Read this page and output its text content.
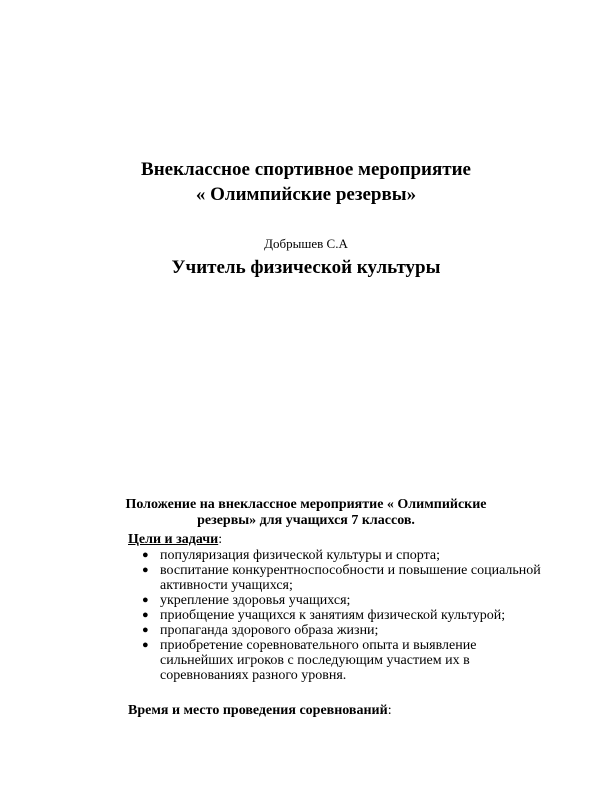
Внеклассное спортивное мероприятие
« Олимпийские резервы»
Добрышев С.А
Учитель физической культуры
Положение на внеклассное мероприятие « Олимпийские
резервы» для учащихся 7 классов.
Цели и задачи:
● популяризация физической культуры и спорта;
● воспитание конкурентноспособности и повышение социальной активности учащихся;
● укрепление здоровья учащихся;
● приобщение учащихся к занятиям физической культурой;
● пропаганда здорового образа жизни;
● приобретение соревновательного опыта и выявление сильнейших игроков с последующим участием их в соревнованиях разного уровня.
Время и место проведения соревнований:
